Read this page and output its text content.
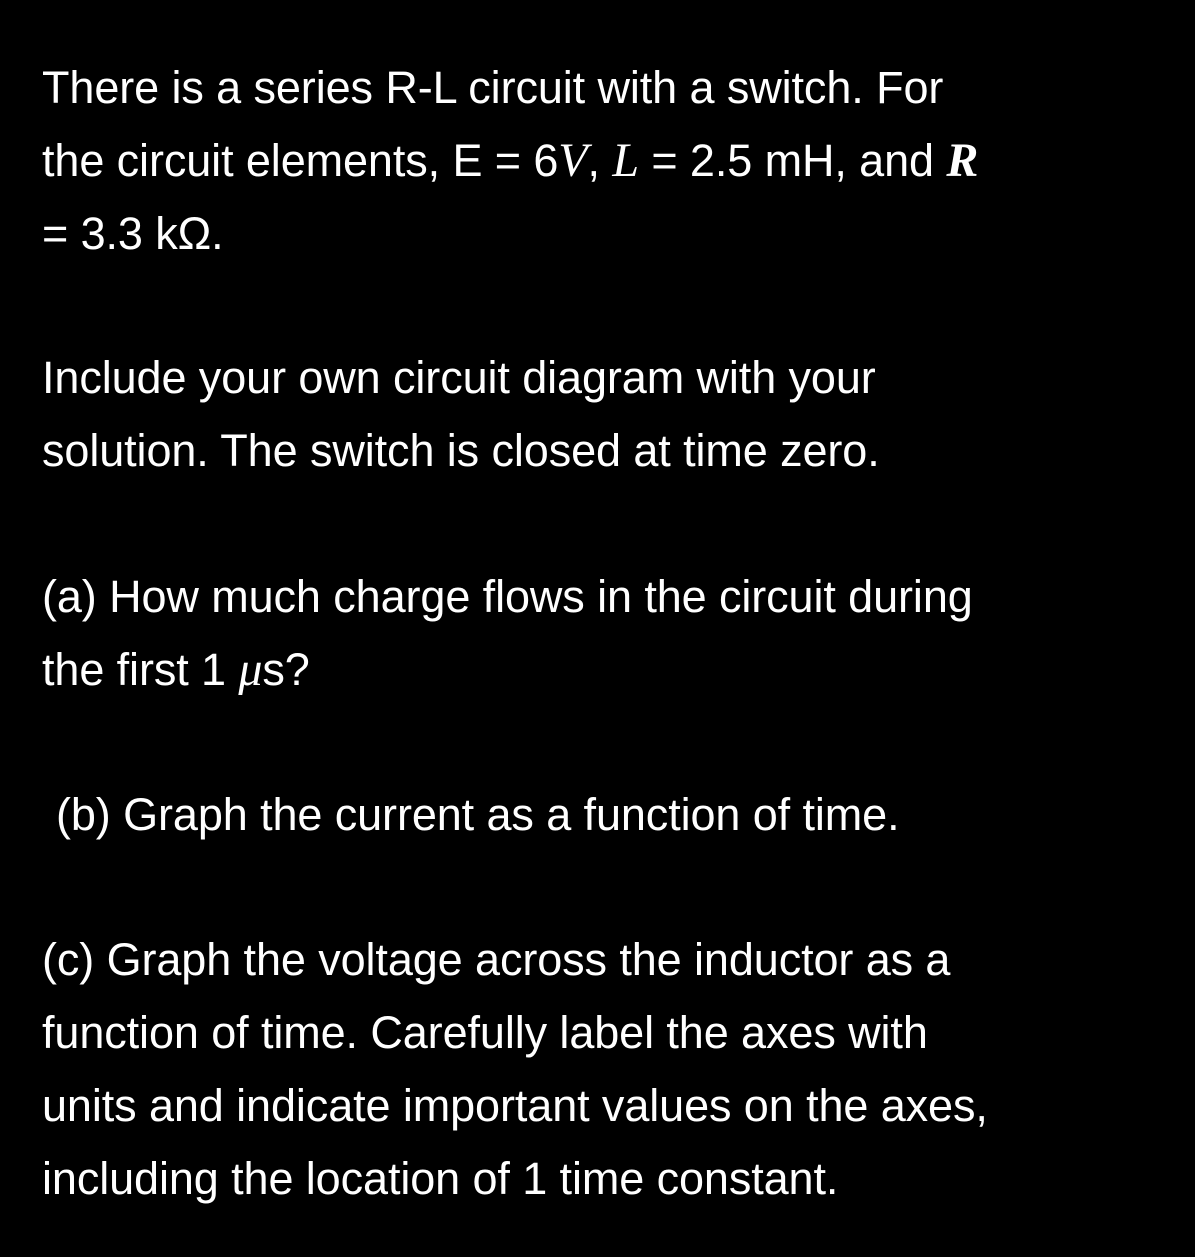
There is a series R-L circuit with a switch. For
the circuit elements, E = 6V, L = 2.5 mH, and R
= 3.3 kΩ.
Include your own circuit diagram with your
solution. The switch is closed at time zero.
(a) How much charge flows in the circuit during
the first 1 μs?
(b) Graph the current as a function of time.
(c) Graph the voltage across the inductor as a
function of time. Carefully label the axes with
units and indicate important values on the axes,
including the location of 1 time constant.
